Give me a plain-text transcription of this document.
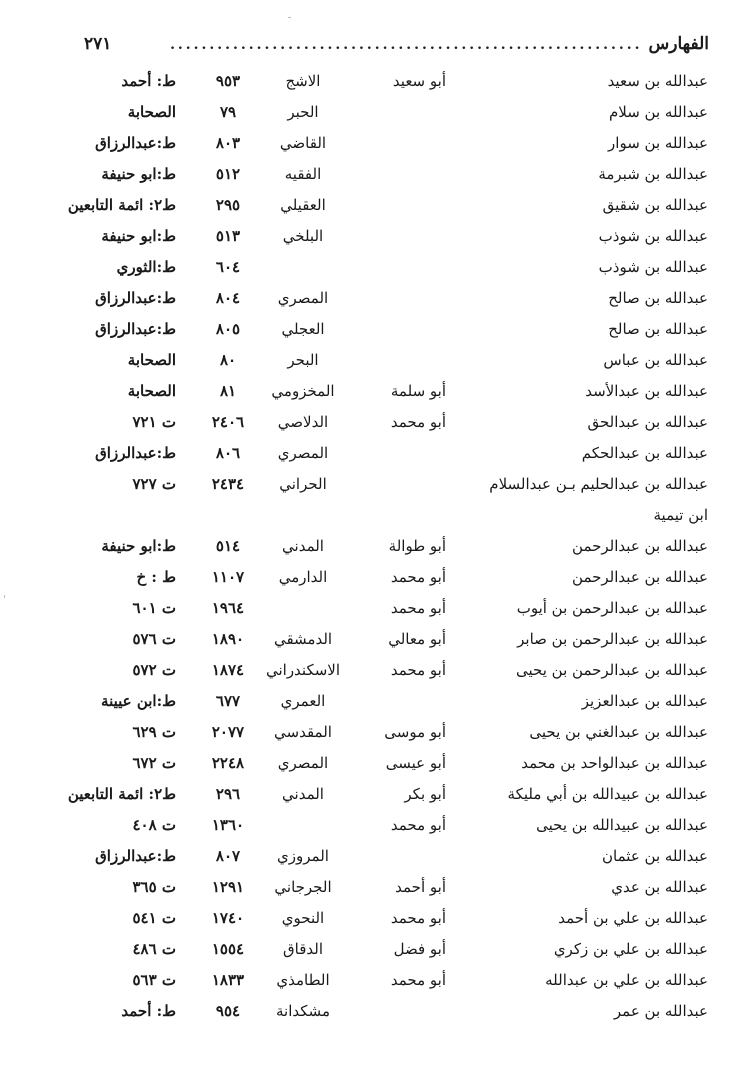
الفهارس
............................................................
٢٧١
عبدالله بن سعيد
أبو سعيد
الاشج
٩٥٣
ط: أحمد
عبدالله بن سلام
الحبر
٧٩
الصحابة
عبدالله بن سوار
القاضي
٨٠٣
ط:عبدالرزاق
عبدالله بن شبرمة
الفقيه
٥١٢
ط:ابو حنيفة
عبدالله بن شقيق
العقيلي
٢٩٥
ط٢: ائمة التابعين
عبدالله بن شوذب
البلخي
٥١٣
ط:ابو حنيفة
عبدالله بن شوذب
٦٠٤
ط:الثوري
عبدالله بن صالح
المصري
٨٠٤
ط:عبدالرزاق
عبدالله بن صالح
العجلي
٨٠٥
ط:عبدالرزاق
عبدالله بن عباس
البحر
٨٠
الصحابة
عبدالله بن عبدالأسد
أبو سلمة
المخزومي
٨١
الصحابة
عبدالله بن عبدالحق
أبو محمد
الدلاصي
٢٤٠٦
ت ٧٢١
عبدالله بن عبدالحكم
المصري
٨٠٦
ط:عبدالرزاق
عبدالله بن عبدالحليم بـن عبدالسلام
الحراني
٢٤٣٤
ت ٧٢٧
ابن تيمية
عبدالله بن عبدالرحمن
أبو طوالة
المدني
٥١٤
ط:ابو حنيفة
عبدالله بن عبدالرحمن
أبو محمد
الدارمي
١١٠٧
ط : خ
عبدالله بن عبدالرحمن بن أيوب
أبو محمد
١٩٦٤
ت ٦٠١
عبدالله بن عبدالرحمن بن صابر
أبو معالي
الدمشقي
١٨٩٠
ت ٥٧٦
عبدالله بن عبدالرحمن بن يحيى
أبو محمد
الاسكندراني
١٨٧٤
ت ٥٧٢
عبدالله بن عبدالعزيز
العمري
٦٧٧
ط:ابن عيينة
عبدالله بن عبدالغني بن يحيى
أبو موسى
المقدسي
٢٠٧٧
ت ٦٢٩
عبدالله بن عبدالواحد بن محمد
أبو عيسى
المصري
٢٢٤٨
ت ٦٧٢
عبدالله بن عبيدالله بن أبي مليكة
أبو بكر
المدني
٢٩٦
ط٢: ائمة التابعين
عبدالله بن عبيدالله بن يحيى
أبو محمد
١٣٦٠
ت ٤٠٨
عبدالله بن عثمان
المروزي
٨٠٧
ط:عبدالرزاق
عبدالله بن عدي
أبو أحمد
الجرجاني
١٢٩١
ت ٣٦٥
عبدالله بن علي بن أحمد
أبو محمد
النحوي
١٧٤٠
ت ٥٤١
عبدالله بن علي بن زكري
أبو فضل
الدقاق
١٥٥٤
ت ٤٨٦
عبدالله بن علي بن عبدالله
أبو محمد
الطامذي
١٨٣٣
ت ٥٦٣
عبدالله بن عمر
مشكدانة
٩٥٤
ط: أحمد
